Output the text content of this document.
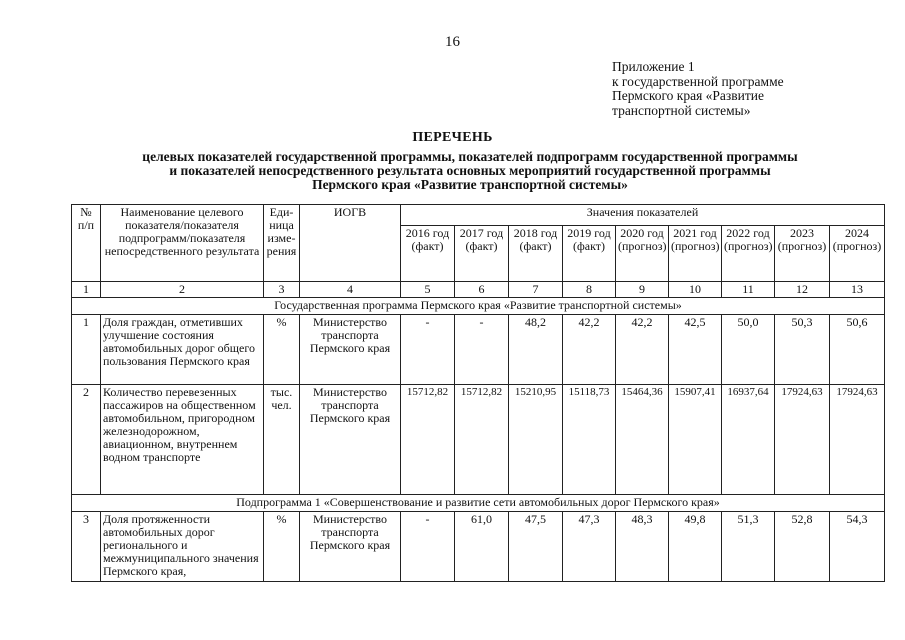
16
Приложение 1
к государственной программе
Пермского края «Развитие
транспортной системы»
ПЕРЕЧЕНЬ
целевых показателей государственной программы, показателей подпрограмм государственной программы
и показателей непосредственного результата основных мероприятий государственной программы
Пермского края «Развитие транспортной системы»
№ п/п	Наименование целевого показателя/показателя подпрограмм/показателя непосредственного результата	Еди-ница изме-рения	ИОГВ	Значения показателей								
				2016 год (факт)	2017 год (факт)	2018 год (факт)	2019 год (факт)	2020 год (прогноз)	2021 год (прогноз)	2022 год (прогноз)	2023 (прогноз)	2024 (прогноз)
1	2	3	4	5	6	7	8	9	10	11	12	13
Государственная программа Пермского края «Развитие транспортной системы»												
1	Доля граждан, отметивших улучшение состояния автомобильных дорог общего пользования Пермского края	%	Министерство транспорта Пермского края	-	-	48,2	42,2	42,2	42,5	50,0	50,3	50,6
2	Количество перевезенных пассажиров на общественном автомобильном, пригородном железнодорожном, авиационном, внутреннем водном транспорте	тыс. чел.	Министерство транспорта Пермского края	15712,82	15712,82	15210,95	15118,73	15464,36	15907,41	16937,64	17924,63	17924,63
Подпрограмма 1 «Совершенствование и развитие сети автомобильных дорог Пермского края»												
3	Доля протяженности автомобильных дорог регионального и межмуниципального значения Пермского края,	%	Министерство транспорта Пермского края	-	61,0	47,5	47,3	48,3	49,8	51,3	52,8	54,3
